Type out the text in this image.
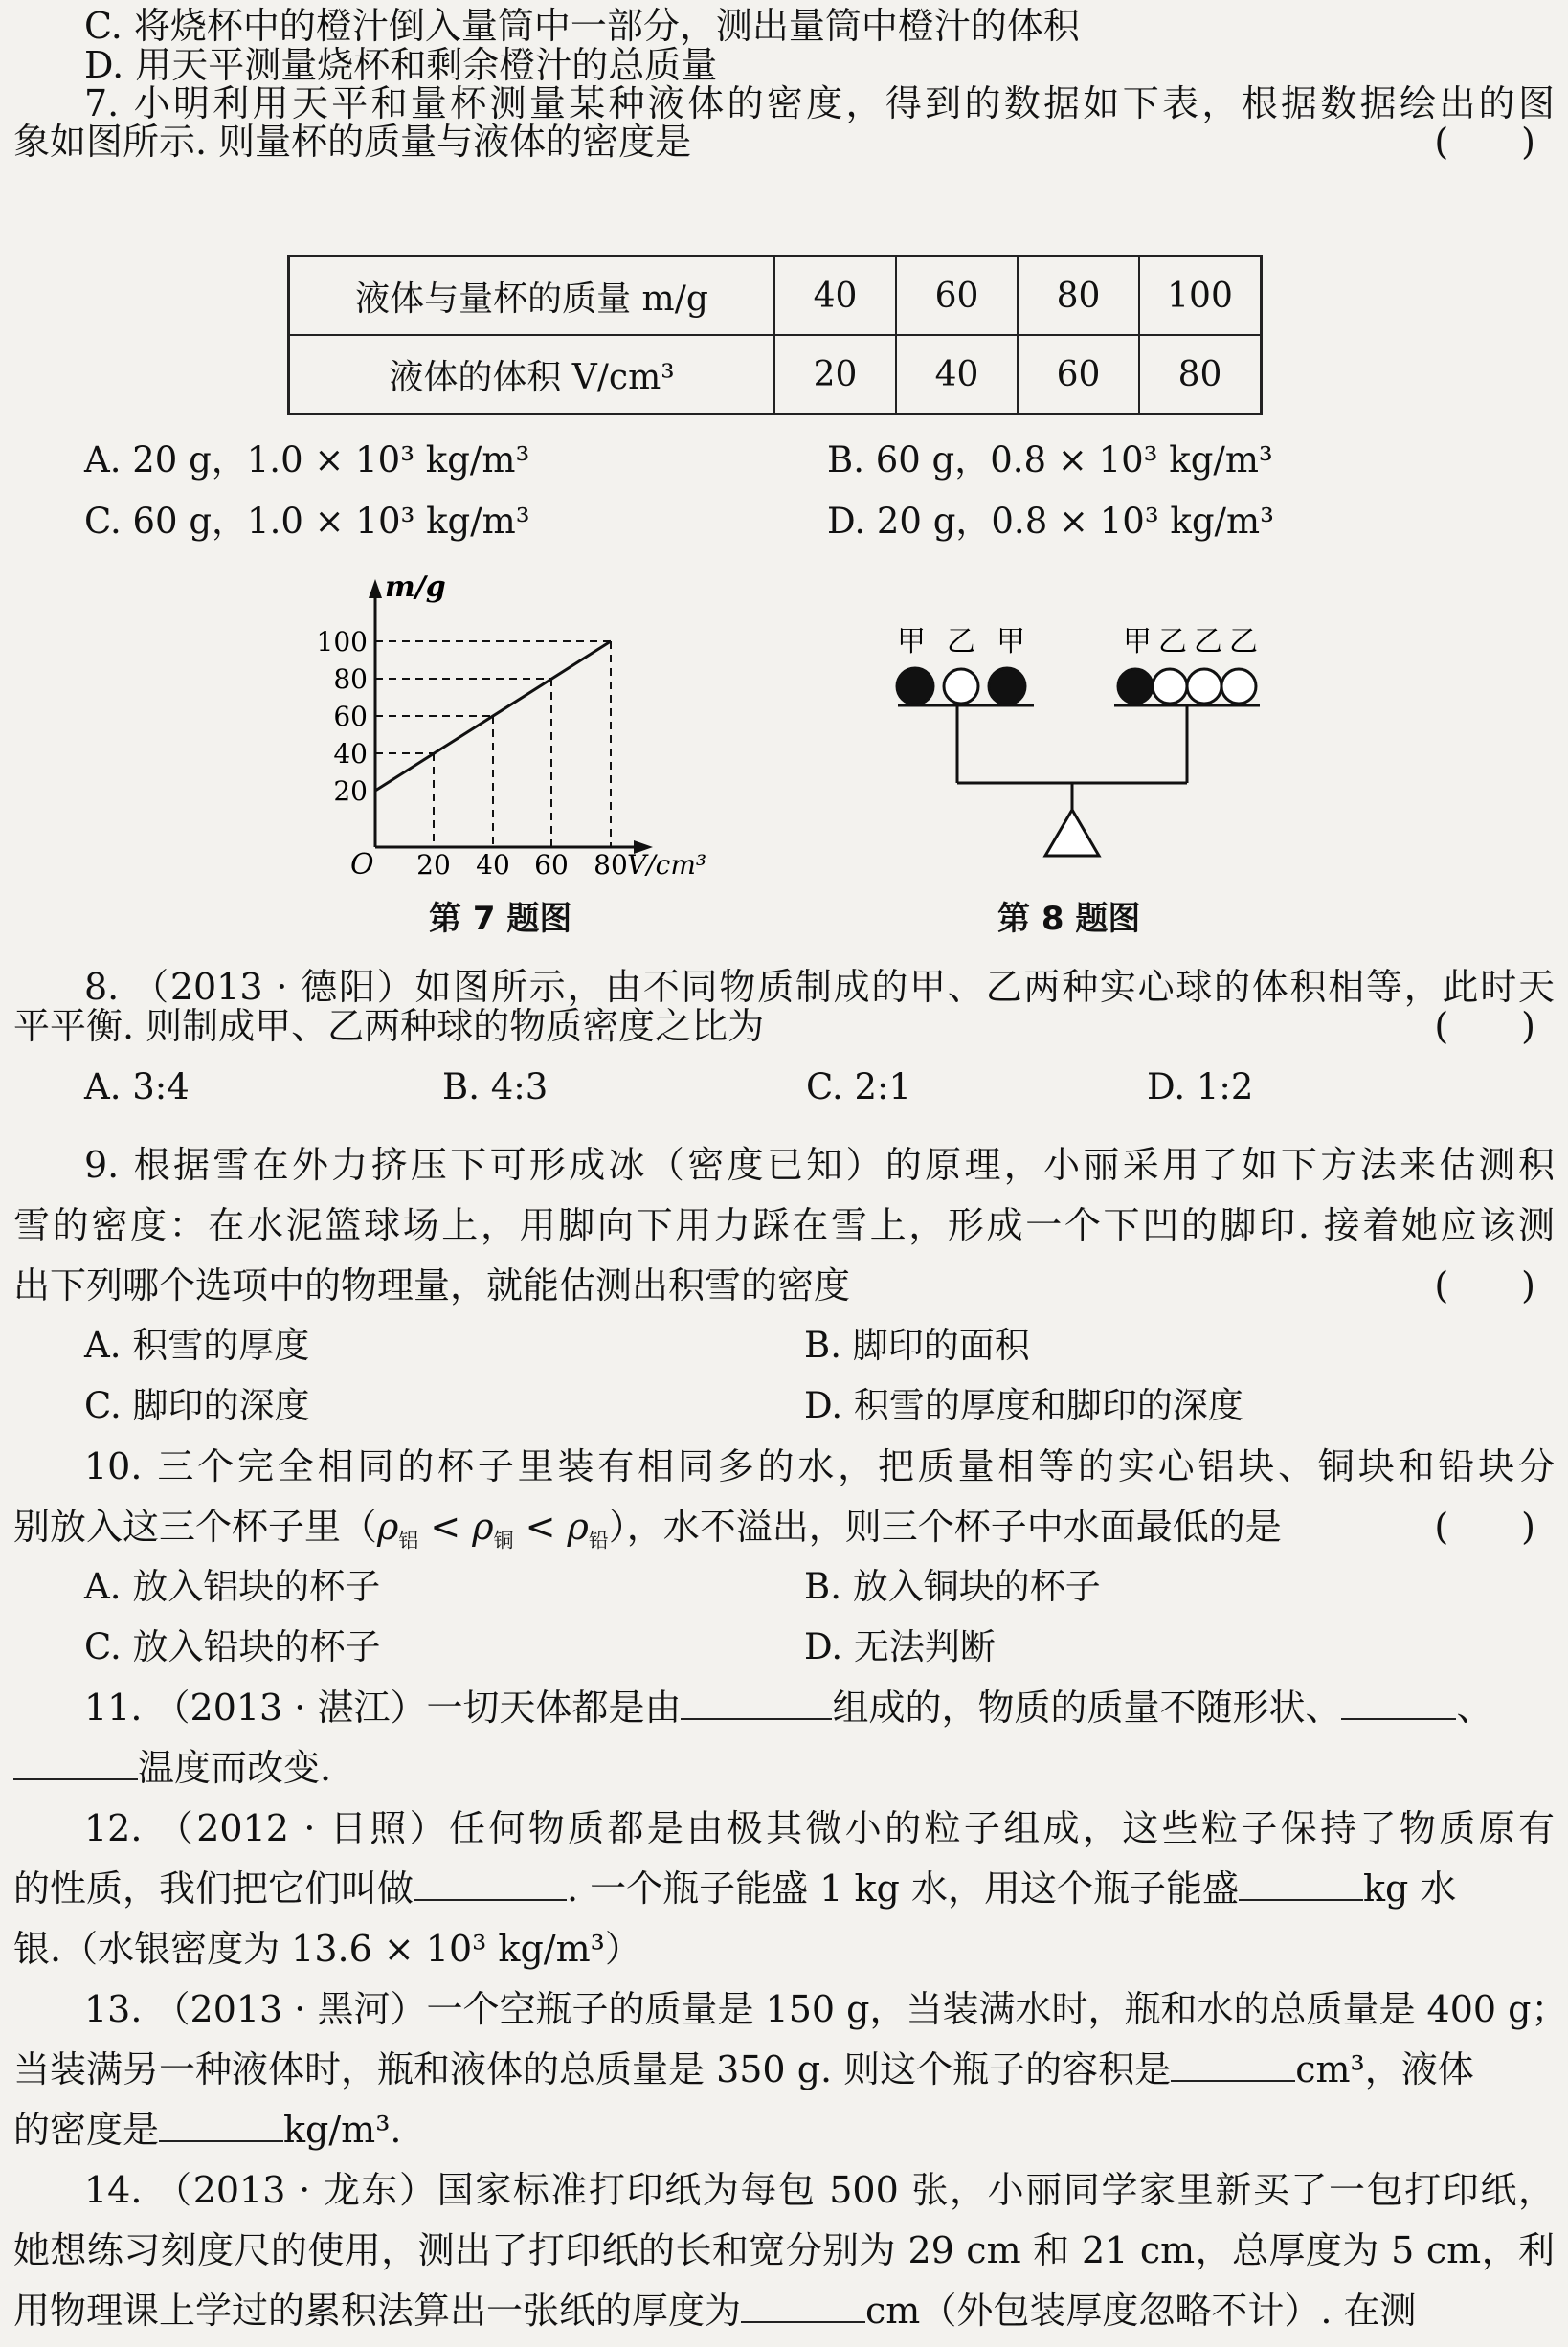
C. 将烧杯中的橙汁倒入量筒中一部分，测出量筒中橙汁的体积
D. 用天平测量烧杯和剩余橙汁的总质量
7. 小明利用天平和量杯测量某种液体的密度，得到的数据如下表，根据数据绘出的图
象如图所示. 则量杯的质量与液体的密度是	(　　)
液体与量杯的质量 m/g	40	60	80	100
液体的体积 V/cm³	20	40	60	80
A. 20 g，1.0 × 10³ kg/m³	B. 60 g，0.8 × 10³ kg/m³
C. 60 g，1.0 × 10³ kg/m³	D. 20 g，0.8 × 10³ kg/m³
m/g
O
20
40
60
80
100
20 40 60 80 V/cm³
第 7 题图
甲 乙 甲	甲 乙 乙 乙
第 8 题图
8. （2013 · 德阳）如图所示，由不同物质制成的甲、乙两种实心球的体积相等，此时天
平平衡. 则制成甲、乙两种球的物质密度之比为	(　　)
A. 3:4	B. 4:3	C. 2:1	D. 1:2
9. 根据雪在外力挤压下可形成冰（密度已知）的原理，小丽采用了如下方法来估测积
雪的密度：在水泥篮球场上，用脚向下用力踩在雪上，形成一个下凹的脚印. 接着她应该测
出下列哪个选项中的物理量，就能估测出积雪的密度	(　　)
A. 积雪的厚度	B. 脚印的面积
C. 脚印的深度	D. 积雪的厚度和脚印的深度
10. 三个完全相同的杯子里装有相同多的水，把质量相等的实心铝块、铜块和铅块分
别放入这三个杯子里$(\rho_铝 < \rho_铜 < \rho_铅)$，水不溢出，则三个杯子中水面最低的是	(　　)
A. 放入铝块的杯子	B. 放入铜块的杯子
C. 放入铅块的杯子	D. 无法判断
11. （2013 · 湛江）一切天体都是由	组成的，物质的质量不随形状、	、
温度而改变.
12. （2012 · 日照）任何物质都是由极其微小的粒子组成，这些粒子保持了物质原有
的性质，我们把它们叫做	. 一个瓶子能盛 1 kg 水，用这个瓶子能盛	kg 水
银.（水银密度为 13.6 × 10³ kg/m³）
13. （2013 · 黑河）一个空瓶子的质量是 150 g，当装满水时，瓶和水的总质量是 400 g；
当装满另一种液体时，瓶和液体的总质量是 350 g. 则这个瓶子的容积是	cm³，液体
的密度是	kg/m³.
14. （2013 · 龙东）国家标准打印纸为每包 500 张，小丽同学家里新买了一包打印纸，
她想练习刻度尺的使用，测出了打印纸的长和宽分别为 29 cm 和 21 cm，总厚度为 5 cm，利
用物理课上学过的累积法算出一张纸的厚度为	cm（外包装厚度忽略不计）. 在测
